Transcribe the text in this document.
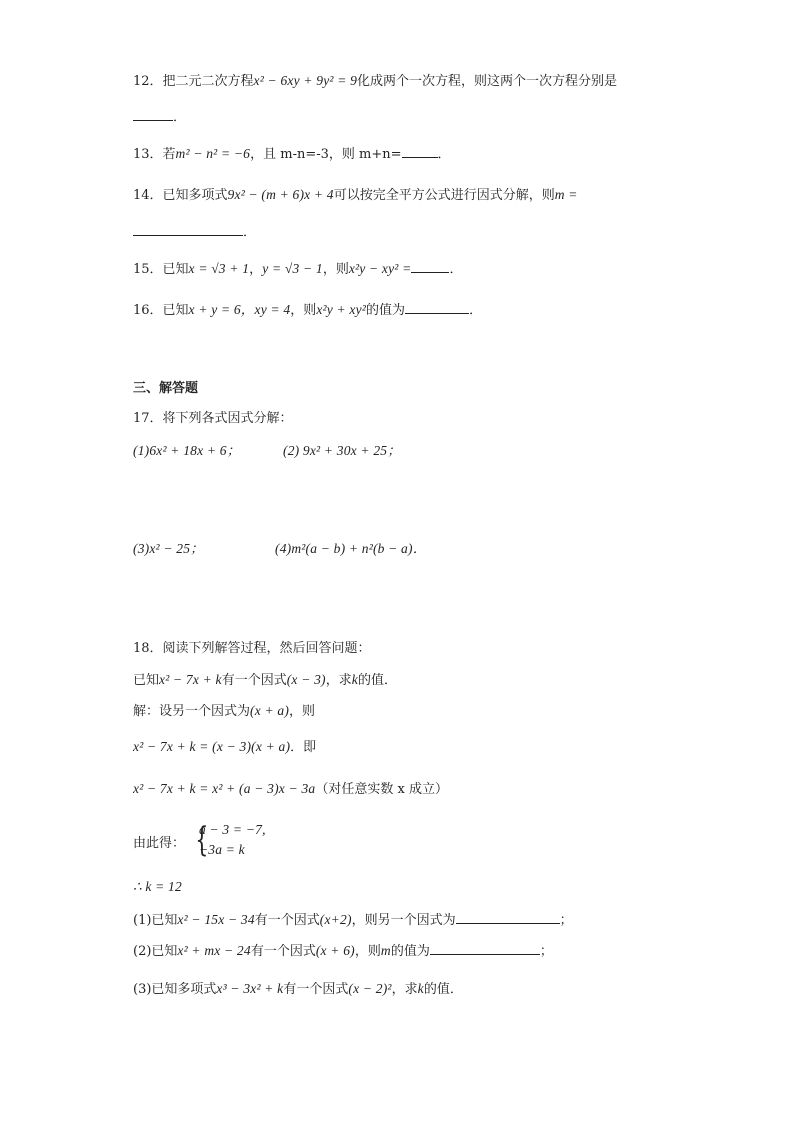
12．把二元二次方程x² − 6xy + 9y² = 9化成两个一次方程，则这两个一次方程分别是
．
13．若m² − n² = −6，且 m-n=-3，则 m+n=	．
14．已知多项式9x² − (m + 6)x + 4可以按完全平方公式进行因式分解，则m =
．
15．已知x = √3 + 1，y = √3 − 1，则x²y − xy² =	．
16．已知x + y = 6，xy = 4，则x²y + xy²的值为	．
三、解答题
17．将下列各式因式分解：
(1)6x² + 18x + 6；	(2) 9x² + 30x + 25；
(3)x² − 25；	(4)m²(a − b) + n²(b − a)．
18．阅读下列解答过程，然后回答问题：
已知x² − 7x + k有一个因式(x − 3)，求k的值．
解：设另一个因式为(x + a)，则
x² − 7x + k = (x − 3)(x + a)．即
x² − 7x + k = x² + (a − 3)x − 3a（对任意实数 x 成立）
由此得： {
a − 3 = −7,
−3a = k
∴ k = 12
(1)已知x² − 15x − 34有一个因式(x+2)，则另一个因式为	；
(2)已知x² + mx − 24有一个因式(x + 6)，则m的值为	；
(3)已知多项式x³ − 3x² + k有一个因式(x − 2)²，求k的值．
